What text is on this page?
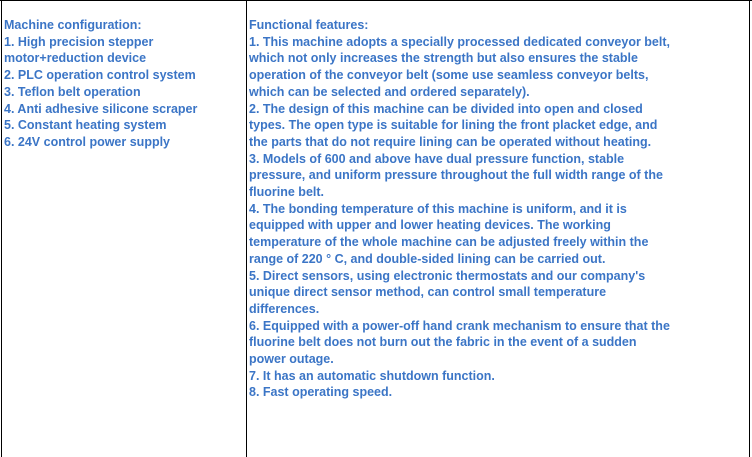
Machine configuration:
1. High precision stepper
motor+reduction device
2. PLC operation control system
3. Teflon belt operation
4. Anti adhesive silicone scraper
5. Constant heating system
6. 24V control power supply
Functional features:
1. This machine adopts a specially processed dedicated conveyor belt,
which not only increases the strength but also ensures the stable
operation of the conveyor belt (some use seamless conveyor belts,
which can be selected and ordered separately).
2. The design of this machine can be divided into open and closed
types. The open type is suitable for lining the front placket edge, and
the parts that do not require lining can be operated without heating.
3. Models of 600 and above have dual pressure function, stable
pressure, and uniform pressure throughout the full width range of the
fluorine belt.
4. The bonding temperature of this machine is uniform, and it is
equipped with upper and lower heating devices. The working
temperature of the whole machine can be adjusted freely within the
range of 220 ° C, and double-sided lining can be carried out.
5. Direct sensors, using electronic thermostats and our company's
unique direct sensor method, can control small temperature
differences.
6. Equipped with a power-off hand crank mechanism to ensure that the
fluorine belt does not burn out the fabric in the event of a sudden
power outage.
7. It has an automatic shutdown function.
8. Fast operating speed.
